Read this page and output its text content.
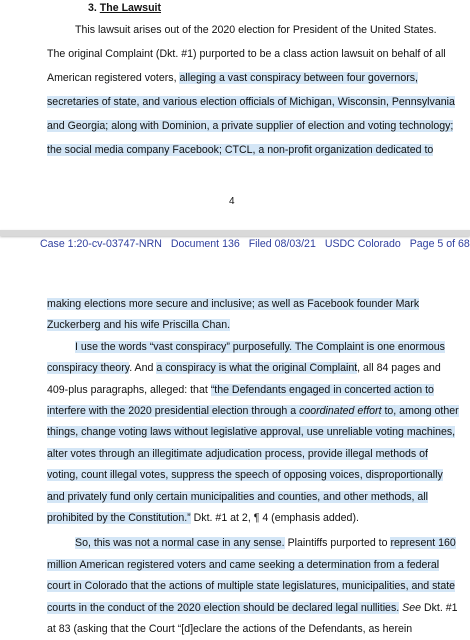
3. The Lawsuit
This lawsuit arises out of the 2020 election for President of the United States.
The original Complaint (Dkt. #1) purported to be a class action lawsuit on behalf of all
American registered voters, alleging a vast conspiracy between four governors,
secretaries of state, and various election officials of Michigan, Wisconsin, Pennsylvania
and Georgia; along with Dominion, a private supplier of election and voting technology;
the social media company Facebook; CTCL, a non-profit organization dedicated to
4
Case 1:20-cv-03747-NRN Document 136 Filed 08/03/21 USDC Colorado Page 5 of 68
making elections more secure and inclusive; as well as Facebook founder Mark
Zuckerberg and his wife Priscilla Chan.
I use the words “vast conspiracy” purposefully. The Complaint is one enormous
conspiracy theory. And a conspiracy is what the original Complaint, all 84 pages and
409-plus paragraphs, alleged: that “the Defendants engaged in concerted action to
interfere with the 2020 presidential election through a coordinated effort to, among other
things, change voting laws without legislative approval, use unreliable voting machines,
alter votes through an illegitimate adjudication process, provide illegal methods of
voting, count illegal votes, suppress the speech of opposing voices, disproportionally
and privately fund only certain municipalities and counties, and other methods, all
prohibited by the Constitution.” Dkt. #1 at 2, ¶ 4 (emphasis added).
So, this was not a normal case in any sense. Plaintiffs purported to represent 160
million American registered voters and came seeking a determination from a federal
court in Colorado that the actions of multiple state legislatures, municipalities, and state
courts in the conduct of the 2020 election should be declared legal nullities. See Dkt. #1
at 83 (asking that the Court “[d]eclare the actions of the Defendants, as herein
